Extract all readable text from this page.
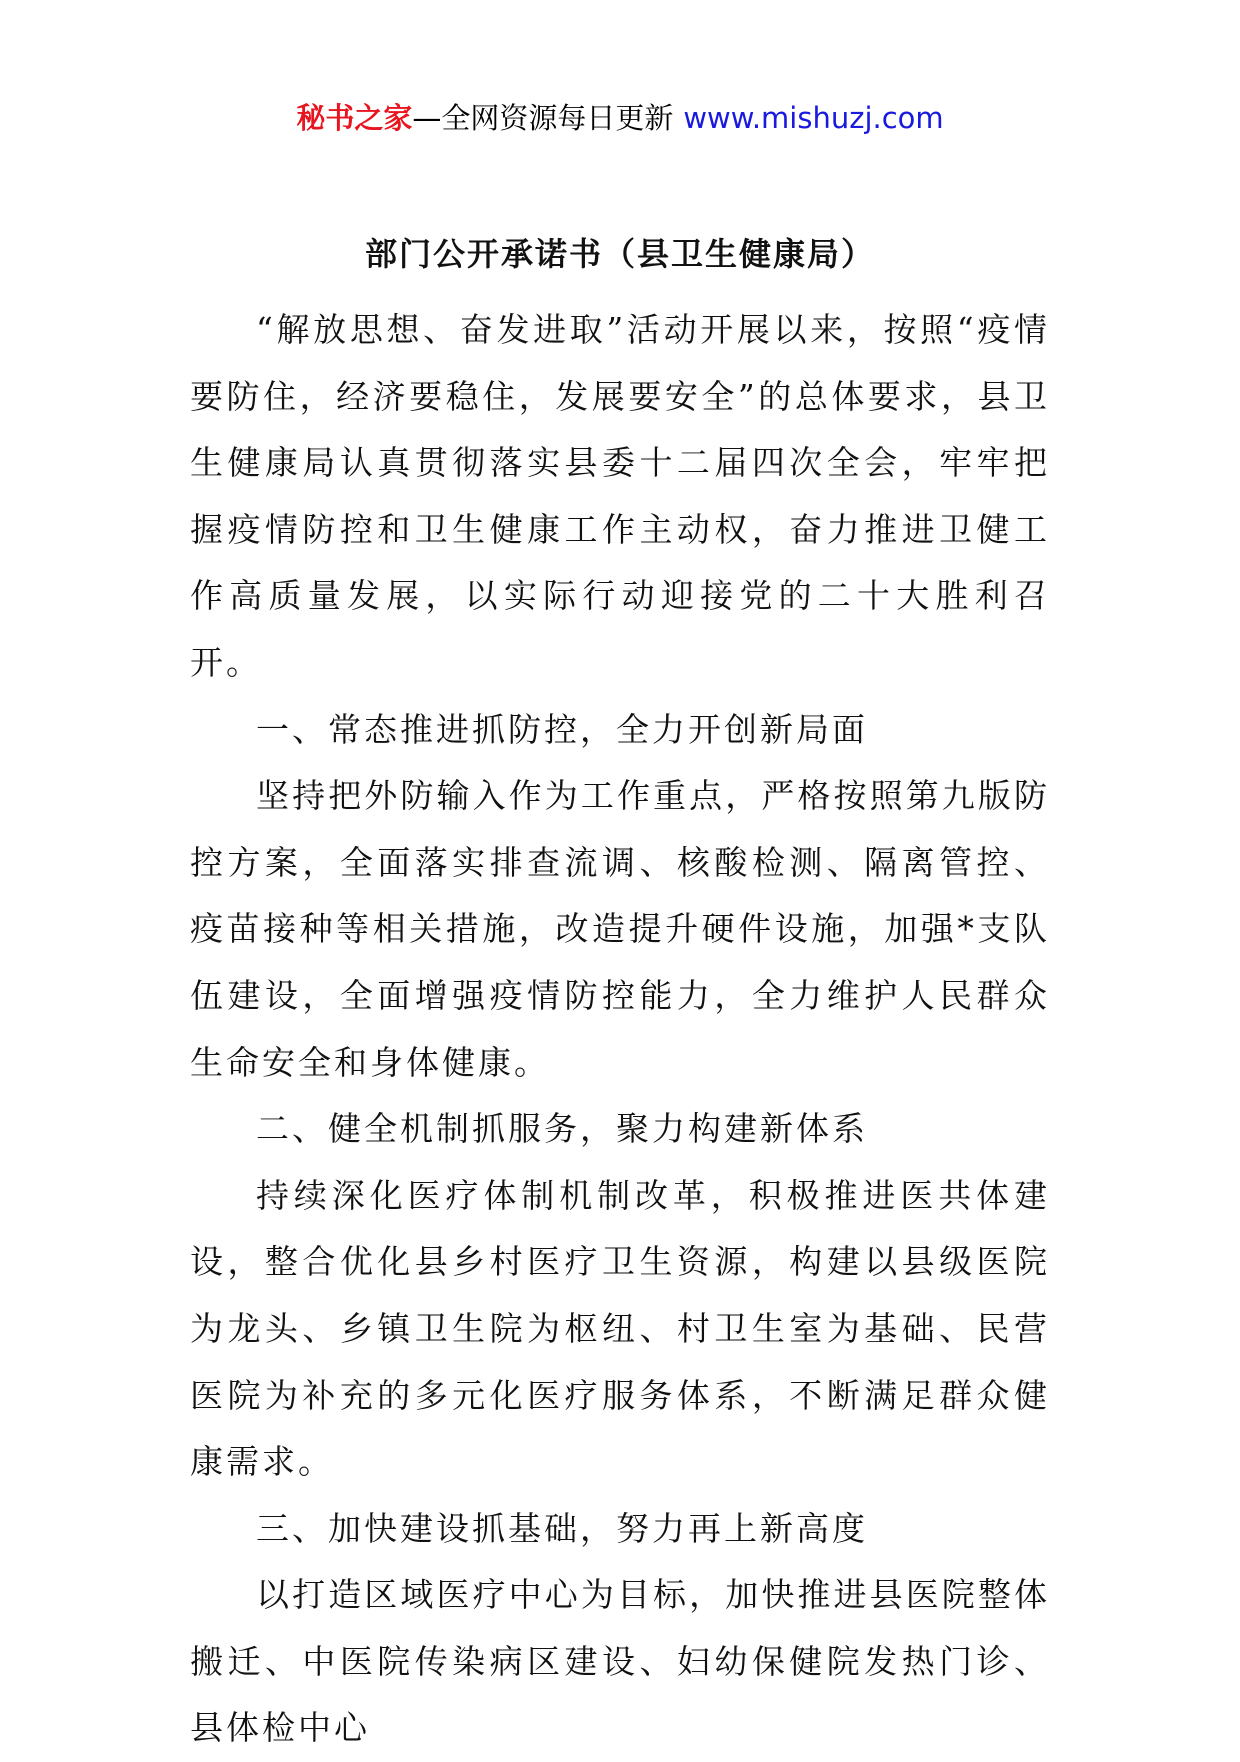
秘书之家—全网资源每日更新 www.mishuzj.com
部门公开承诺书（县卫生健康局）

“解放思想、奋发进取”活动开展以来，按照“疫情要防住，经济要稳住，发展要安全”的总体要求，县卫生健康局认真贯彻落实县委十二届四次全会，牢牢把握疫情防控和卫生健康工作主动权，奋力推进卫健工作高质量发展，以实际行动迎接党的二十大胜利召开。

一、常态推进抓防控，全力开创新局面

坚持把外防输入作为工作重点，严格按照第九版防控方案，全面落实排查流调、核酸检测、隔离管控、疫苗接种等相关措施，改造提升硬件设施，加强*支队伍建设，全面增强疫情防控能力，全力维护人民群众生命安全和身体健康。

二、健全机制抓服务，聚力构建新体系

持续深化医疗体制机制改革，积极推进医共体建设，整合优化县乡村医疗卫生资源，构建以县级医院为龙头、乡镇卫生院为枢纽、村卫生室为基础、民营医院为补充的多元化医疗服务体系，不断满足群众健康需求。

三、加快建设抓基础，努力再上新高度

以打造区域医疗中心为目标，加快推进县医院整体搬迁、中医院传染病区建设、妇幼保健院发热门诊、县体检中心
